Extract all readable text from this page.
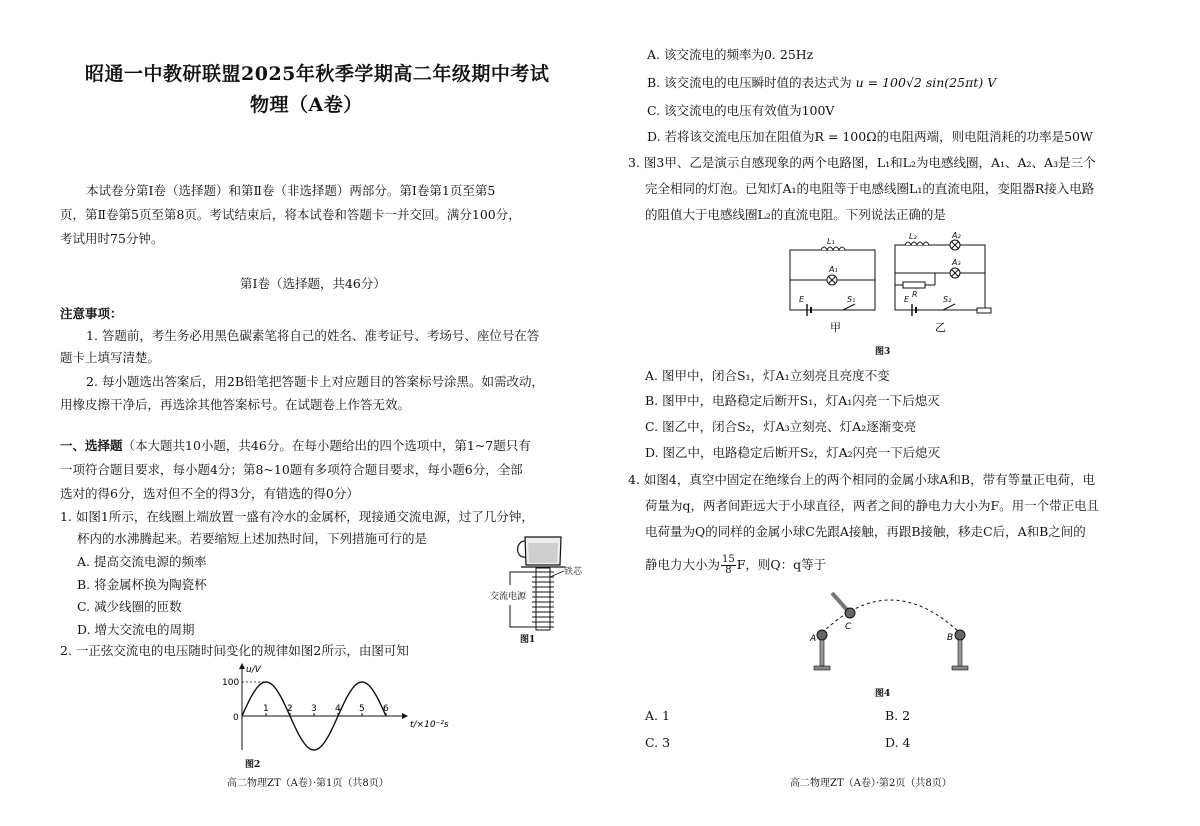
昭通一中教研联盟2025年秋季学期高二年级期中考试
物理（A卷）
本试卷分第Ⅰ卷（选择题）和第Ⅱ卷（非选择题）两部分。第Ⅰ卷第1页至第5
页，第Ⅱ卷第5页至第8页。考试结束后，将本试卷和答题卡一并交回。满分100分，
考试用时75分钟。
第Ⅰ卷（选择题，共46分）
注意事项：
1. 答题前，考生务必用黑色碳素笔将自己的姓名、准考证号、考场号、座位号在答
题卡上填写清楚。
2. 每小题选出答案后，用2B铅笔把答题卡上对应题目的答案标号涂黑。如需改动，
用橡皮擦干净后，再选涂其他答案标号。在试题卷上作答无效。
一、选择题（本大题共10小题，共46分。在每小题给出的四个选项中，第1~7题只有
一项符合题目要求，每小题4分；第8~10题有多项符合题目要求，每小题6分，全部
选对的得6分，选对但不全的得3分，有错选的得0分）
1. 如图1所示，在线圈上端放置一盛有冷水的金属杯，现接通交流电源，过了几分钟，
杯内的水沸腾起来。若要缩短上述加热时间，下列措施可行的是
A. 提高交流电源的频率
B. 将金属杯换为陶瓷杯
C. 减少线圈的匝数
D. 增大交流电的周期
交流电源
铁芯
图1
2. 一正弦交流电的电压随时间变化的规律如图2所示，由图可知
u/V
t/×10⁻²s
100
0
1 2 3 4 5 6
图2
高二物理ZT（A卷）·第1页（共8页）
A. 该交流电的频率为0. 25Hz
B. 该交流电的电压瞬时值的表达式为 u = 100√2 sin(25πt) V
C. 该交流电的电压有效值为100V
D. 若将该交流电压加在阻值为R = 100Ω的电阻两端，则电阻消耗的功率是50W
3. 图3甲、乙是演示自感现象的两个电路图，L₁和L₂为电感线圈，A₁、A₂、A₃是三个
完全相同的灯泡。已知灯A₁的电阻等于电感线圈L₁的直流电阻，变阻器R接入电路
的阻值大于电感线圈L₂的直流电阻。下列说法正确的是
L₁
A₁
E	S₁
L₂	A₂
A₃
R
E	S₂
甲	乙
图3
A. 图甲中，闭合S₁，灯A₁立刻亮且亮度不变
B. 图甲中，电路稳定后断开S₁，灯A₁闪亮一下后熄灭
C. 图乙中，闭合S₂，灯A₃立刻亮、灯A₂逐渐变亮
D. 图乙中，电路稳定后断开S₂，灯A₂闪亮一下后熄灭
4. 如图4，真空中固定在绝缘台上的两个相同的金属小球A和B，带有等量正电荷，电
荷量为q，两者间距远大于小球直径，两者之间的静电力大小为F。用一个带正电且
电荷量为Q的同样的金属小球C先跟A接触，再跟B接触，移走C后，A和B之间的
静电力大小为 $\frac{15}{8}$ F，则Q：q等于
A
C
B
图4
A. 1	B. 2
C. 3	D. 4
高二物理ZT（A卷）·第2页（共8页）
